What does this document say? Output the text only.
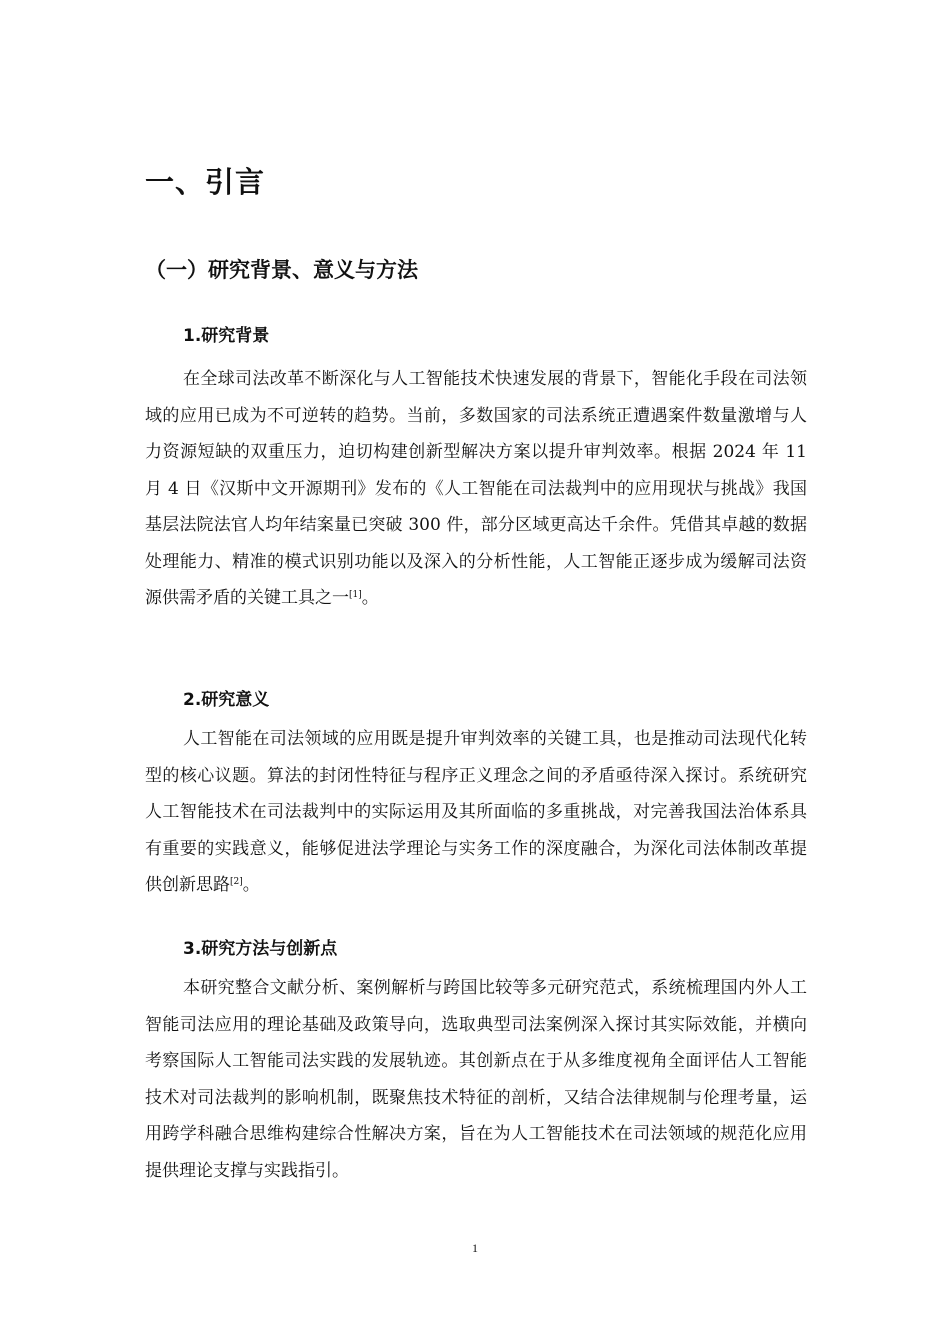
一、引言
（一）研究背景、意义与方法
1.研究背景

在全球司法改革不断深化与人工智能技术快速发展的背景下，智能化手段在司法领域的应用已成为不可逆转的趋势。当前，多数国家的司法系统正遭遇案件数量激增与人力资源短缺的双重压力，迫切构建创新型解决方案以提升审判效率。根据 2024 年 11 月 4 日《汉斯中文开源期刊》发布的《人工智能在司法裁判中的应用现状与挑战》我国基层法院法官人均年结案量已突破 300 件，部分区域更高达千余件。凭借其卓越的数据处理能力、精准的模式识别功能以及深入的分析性能，人工智能正逐步成为缓解司法资源供需矛盾的关键工具之一[1]。

2.研究意义

人工智能在司法领域的应用既是提升审判效率的关键工具，也是推动司法现代化转型的核心议题。算法的封闭性特征与程序正义理念之间的矛盾亟待深入探讨。系统研究人工智能技术在司法裁判中的实际运用及其所面临的多重挑战，对完善我国法治体系具有重要的实践意义，能够促进法学理论与实务工作的深度融合，为深化司法体制改革提供创新思路[2]。

3.研究方法与创新点

本研究整合文献分析、案例解析与跨国比较等多元研究范式，系统梳理国内外人工智能司法应用的理论基础及政策导向，选取典型司法案例深入探讨其实际效能，并横向考察国际人工智能司法实践的发展轨迹。其创新点在于从多维度视角全面评估人工智能技术对司法裁判的影响机制，既聚焦技术特征的剖析，又结合法律规制与伦理考量，运用跨学科融合思维构建综合性解决方案，旨在为人工智能技术在司法领域的规范化应用提供理论支撑与实践指引。

1
